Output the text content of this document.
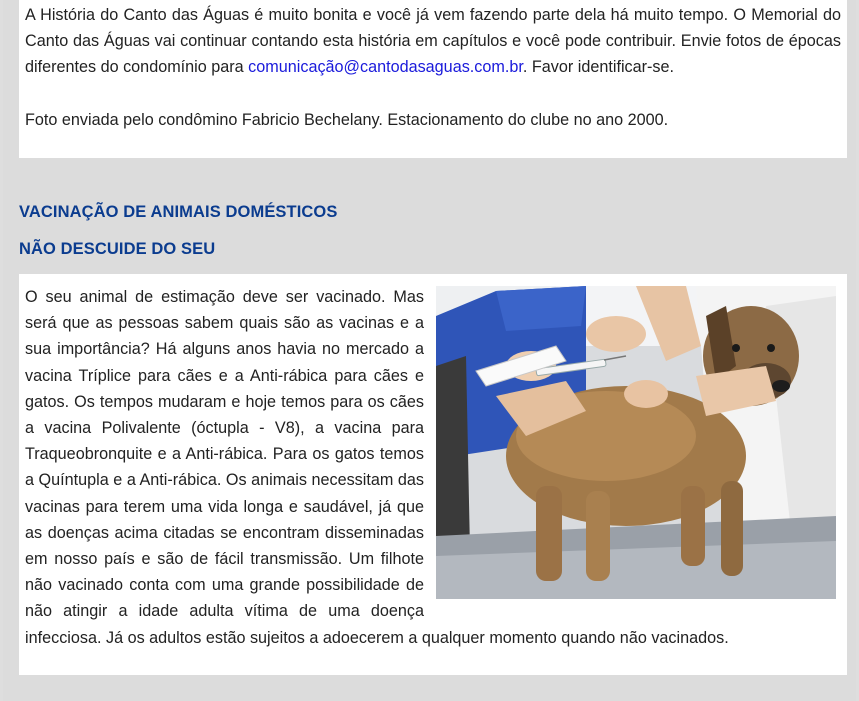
A História do Canto das Águas é muito bonita e você já vem fazendo parte dela há muito tempo. O Memorial do Canto das Águas vai continuar contando esta história em capítulos e você pode contribuir. Envie fotos de épocas diferentes do condomínio para comunicação@cantodasaguas.com.br. Favor identificar-se.

Foto enviada pelo condômino Fabricio Bechelany. Estacionamento do clube no ano 2000.

VACINAÇÃO DE ANIMAIS DOMÉSTICOS
NÃO DESCUIDE DO SEU

O seu animal de estimação deve ser vacinado. Mas será que as pessoas sabem quais são as vacinas e a sua importância? Há alguns anos havia no mercado a vacina Tríplice para cães e a Anti-rábica para cães e gatos. Os tempos mudaram e hoje temos para os cães a vacina Polivalente (óctupla - V8), a vacina para Traqueobronquite e a Anti-rábica. Para os gatos temos a Quíntupla e a Anti-rábica. Os animais necessitam das vacinas para terem uma vida longa e saudável, já que as doenças acima citadas se encontram disseminadas em nosso país e são de fácil transmissão. Um filhote não vacinado conta com uma grande possibilidade de não atingir a idade adulta vítima de uma doença infecciosa. Já os adultos estão sujeitos a adoecerem a qualquer momento quando não vacinados.
